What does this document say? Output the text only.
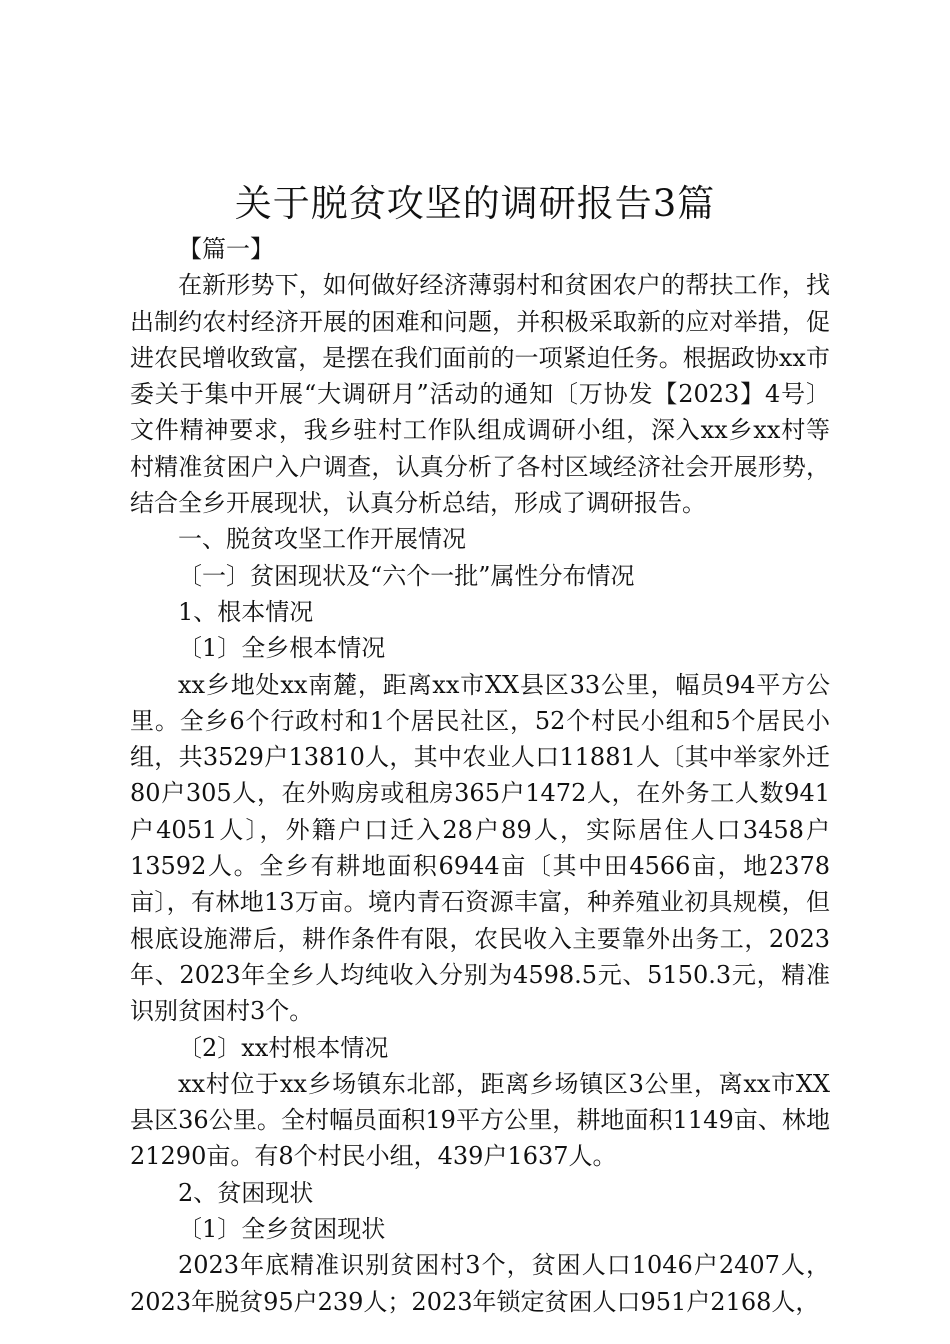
关于脱贫攻坚的调研报告3篇

【篇一】

在新形势下，如何做好经济薄弱村和贫困农户的帮扶工作，找出制约农村经济开展的困难和问题，并积极采取新的应对举措，促进农民增收致富，是摆在我们面前的一项紧迫任务。根据政协xx市委关于集中开展“大调研月”活动的通知〔万协发【2023】4号〕文件精神要求，我乡驻村工作队组成调研小组，深入xx乡xx村等村精准贫困户入户调查，认真分析了各村区域经济社会开展形势，结合全乡开展现状，认真分析总结，形成了调研报告。

一、脱贫攻坚工作开展情况

〔一〕贫困现状及“六个一批”属性分布情况

1、根本情况

〔1〕全乡根本情况

xx乡地处xx南麓，距离xx市XX县区33公里，幅员94平方公里。全乡6个行政村和1个居民社区，52个村民小组和5个居民小组，共3529户13810人，其中农业人口11881人〔其中举家外迁80户305人，在外购房或租房365户1472人，在外务工人数941户4051人〕，外籍户口迁入28户89人，实际居住人口3458户13592人。全乡有耕地面积6944亩〔其中田4566亩，地2378亩〕，有林地13万亩。境内青石资源丰富，种养殖业初具规模，但根底设施滞后，耕作条件有限，农民收入主要靠外出务工，2023年、2023年全乡人均纯收入分别为4598.5元、5150.3元，精准识别贫困村3个。

〔2〕xx村根本情况

xx村位于xx乡场镇东北部，距离乡场镇区3公里，离xx市XX县区36公里。全村幅员面积19平方公里，耕地面积1149亩、林地21290亩。有8个村民小组，439户1637人。

2、贫困现状

〔1〕全乡贫困现状

2023年底精准识别贫困村3个，贫困人口1046户2407人，2023年脱贫95户239人；2023年锁定贫困人口951户2168人，
